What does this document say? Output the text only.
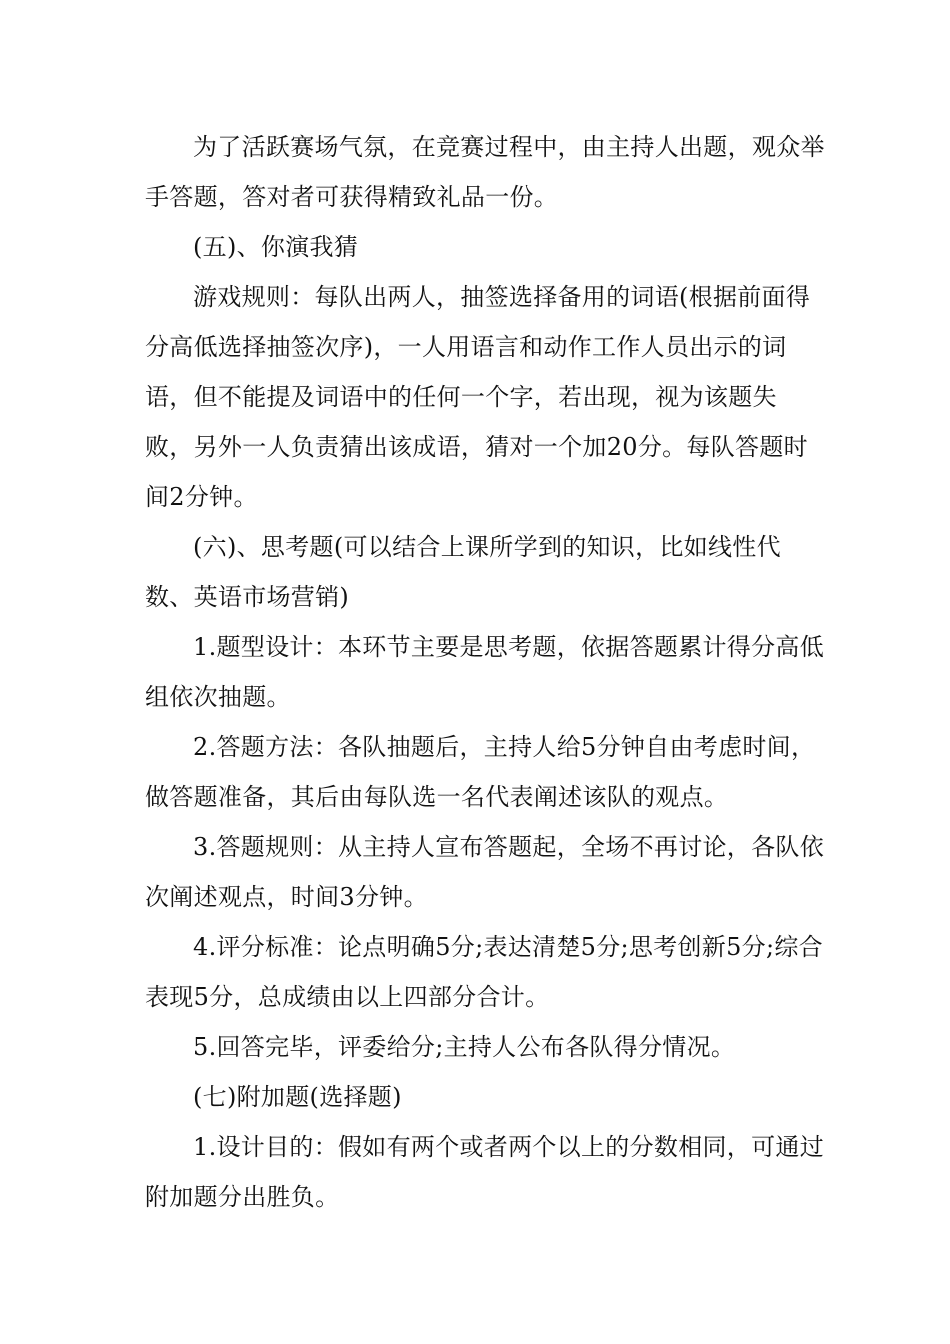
为了活跃赛场气氛，在竞赛过程中，由主持人出题，观众举手答题，答对者可获得精致礼品一份。

(五)、你演我猜

游戏规则：每队出两人，抽签选择备用的词语(根据前面得分高低选择抽签次序)，一人用语言和动作工作人员出示的词语，但不能提及词语中的任何一个字，若出现，视为该题失败，另外一人负责猜出该成语，猜对一个加20分。每队答题时间2分钟。

(六)、思考题(可以结合上课所学到的知识，比如线性代数、英语市场营销)

1.题型设计：本环节主要是思考题，依据答题累计得分高低组依次抽题。

2.答题方法：各队抽题后，主持人给5分钟自由考虑时间，做答题准备，其后由每队选一名代表阐述该队的观点。

3.答题规则：从主持人宣布答题起，全场不再讨论，各队依次阐述观点，时间3分钟。

4.评分标准：论点明确5分;表达清楚5分;思考创新5分;综合表现5分，总成绩由以上四部分合计。

5.回答完毕，评委给分;主持人公布各队得分情况。

(七)附加题(选择题)

1.设计目的：假如有两个或者两个以上的分数相同，可通过附加题分出胜负。
